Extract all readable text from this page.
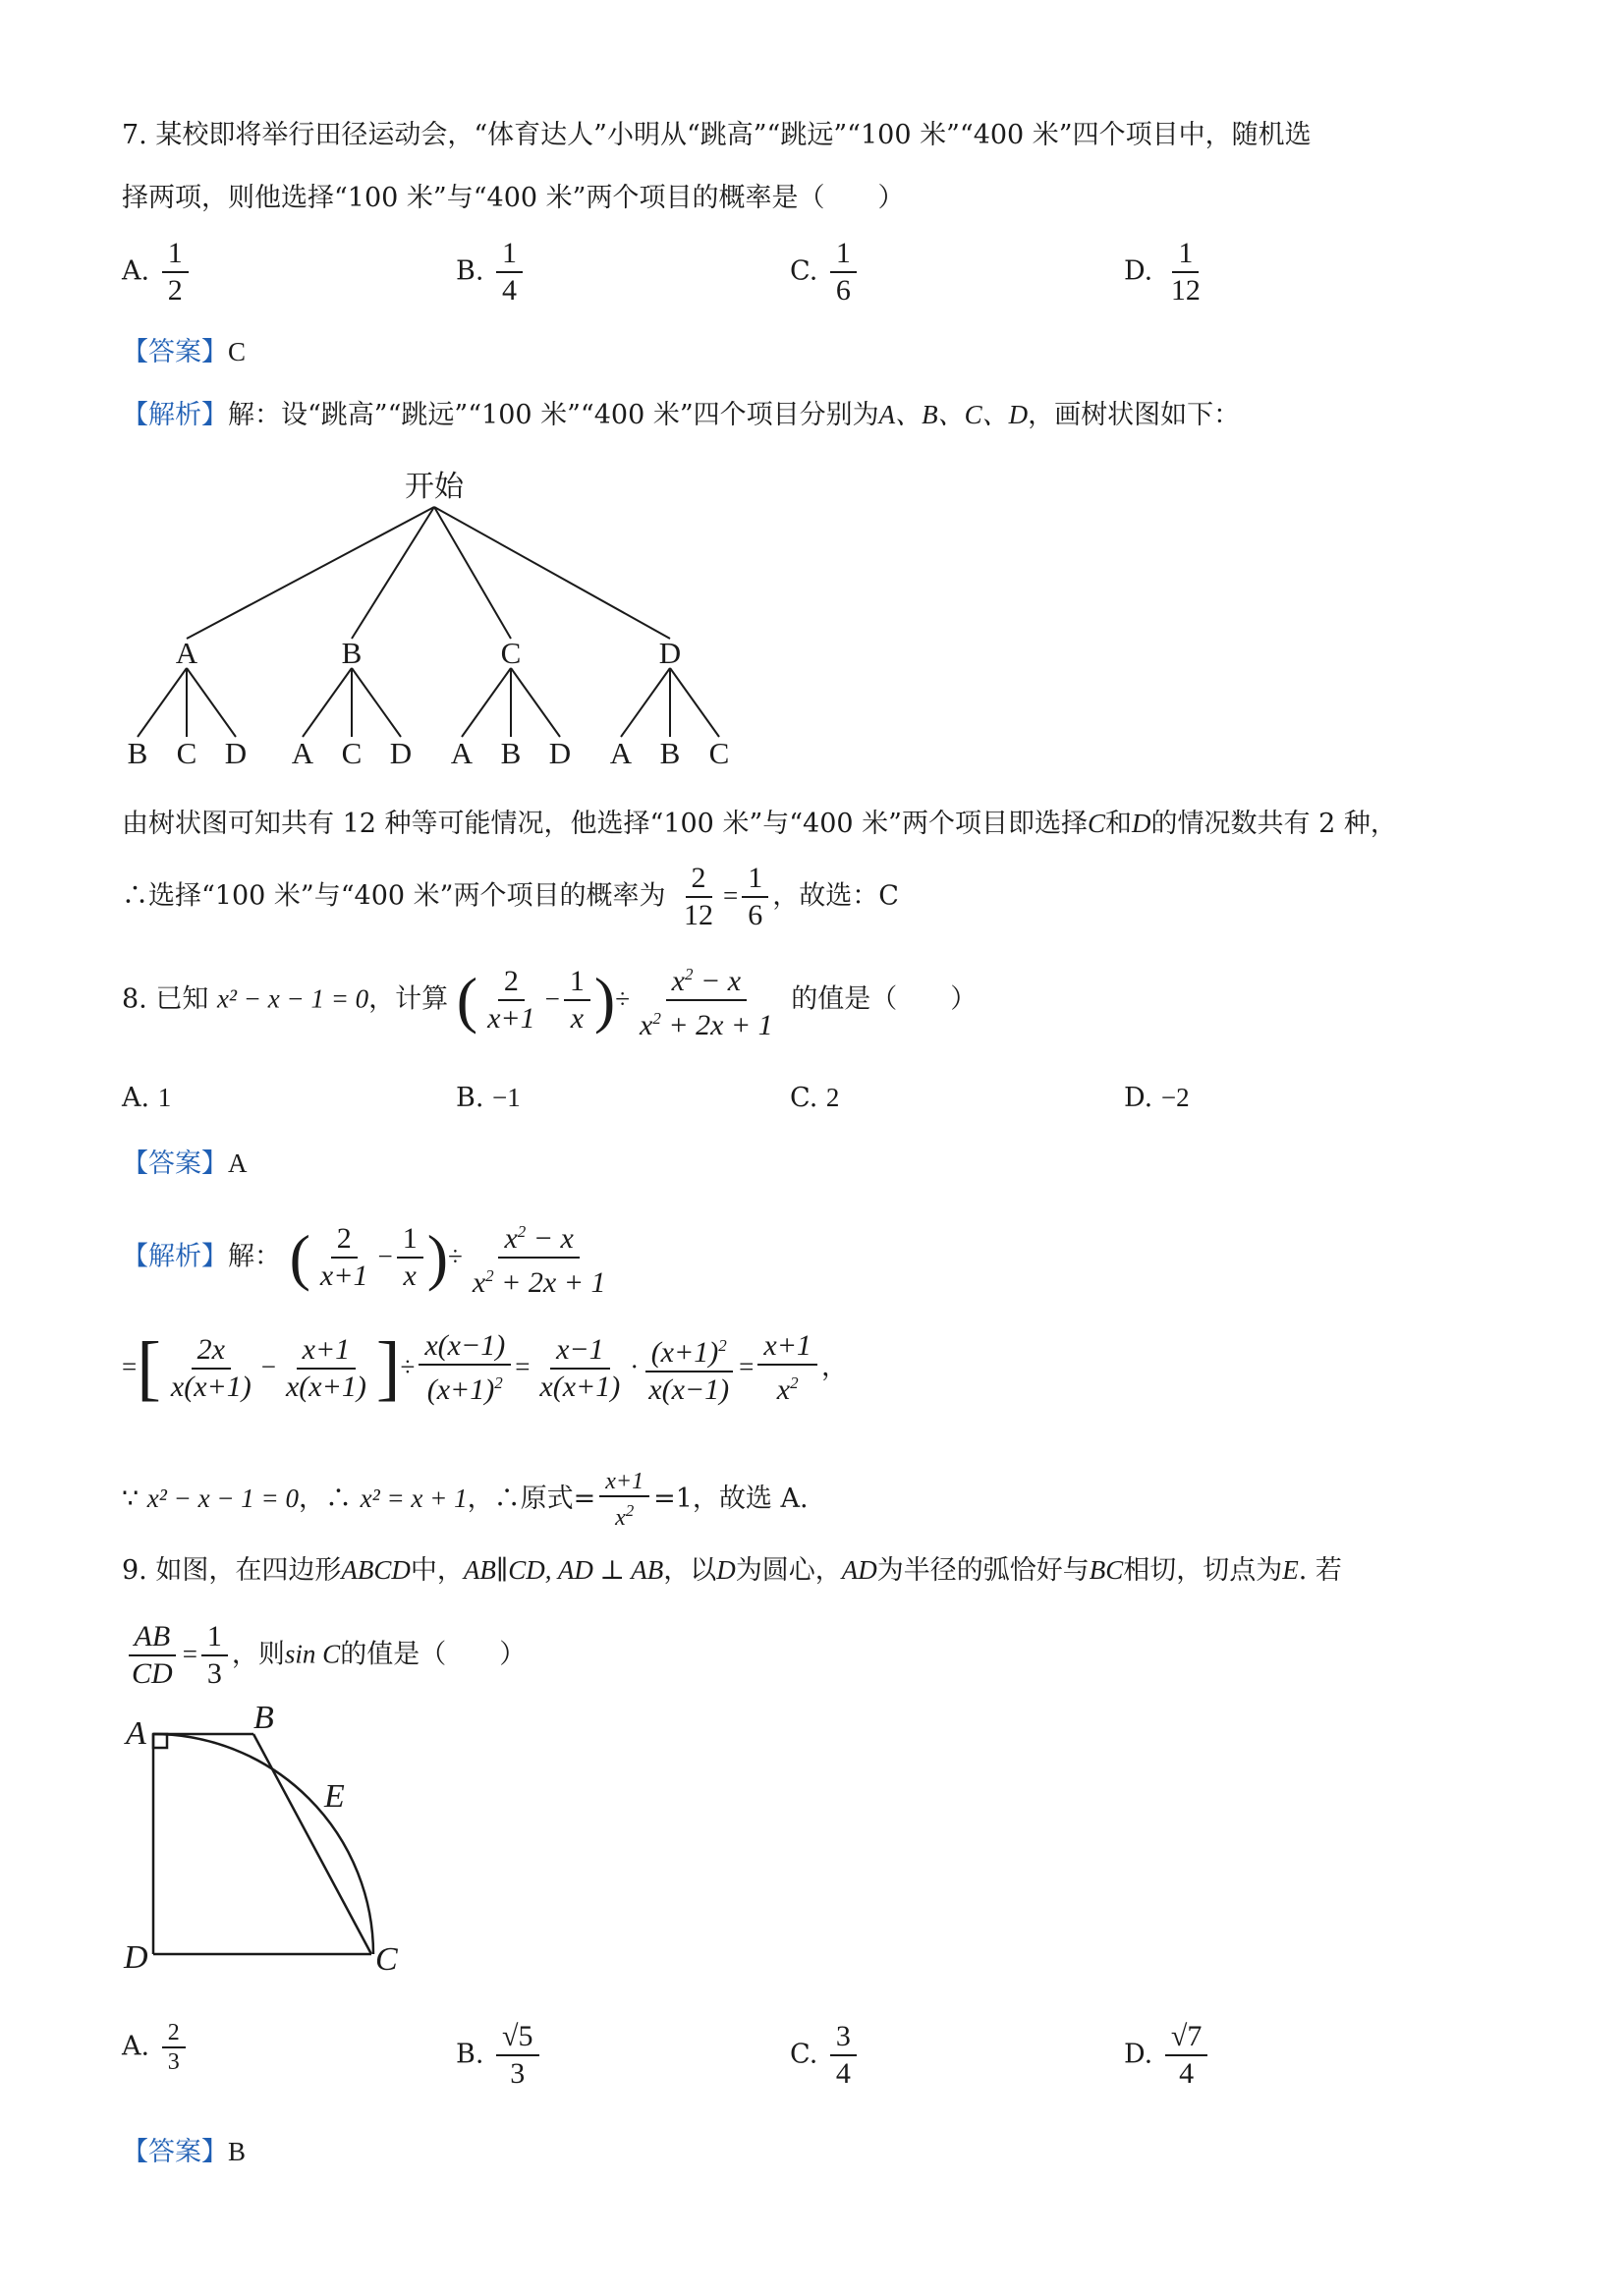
7. 某校即将举行田径运动会，“体育达人”小明从“跳高”“跳远”“100 米”“400 米”四个项目中，随机选
择两项，则他选择“100 米”与“400 米”两个项目的概率是（　　）
A. $\frac{1}{2}$	B. $\frac{1}{4}$	C. $\frac{1}{6}$	D. $\frac{1}{12}$
【答案】C
【解析】解：设“跳高”“跳远”“100 米”“400 米”四个项目分别为A、B、C、D，画树状图如下：
开始
A	B	C	D
B C D A C D A B D A B C
由树状图可知共有 12 种等可能情况，他选择“100 米”与“400 米”两个项目即选择C和D的情况数共有 2 种，
∴选择“100 米”与“400 米”两个项目的概率为 $\frac{2}{12} = \frac{1}{6}$ ，故选：C
8. 已知 x² − x − 1 = 0，计算 ( $\frac{2}{x+1} - \frac{1}{x}$ )÷ $\frac{x^2 - x}{x^2 + 2x + 1}$ 的值是（　　）
A. 1	B. −1	C. 2	D. −2
【答案】A
【解析】解： ( $\frac{2}{x+1} - \frac{1}{x}$ )÷ $\frac{x^2 - x}{x^2 + 2x + 1}$
=[ $\frac{2x}{x(x+1)} - \frac{x+1}{x(x+1)}$ ]÷ $\frac{x(x-1)}{(x+1)^2} = \frac{x-1}{x(x+1)} \cdot \frac{(x+1)^2}{x(x-1)} = \frac{x+1}{x^2}$ ，
∵ x² − x − 1 = 0，∴ x² = x + 1，∴原式= $\frac{x+1}{x^2} =1$，故选 A.
9. 如图，在四边形ABCD中，AB∥CD, AD ⊥ AB，以D为圆心，AD为半径的弧恰好与BC相切，切点为E. 若
$\frac{AB}{CD} = \frac{1}{3}$ ，则sin C的值是（　　）
A	B
E
D	C
A. $\frac{2}{3}$	B. $\frac{√5}{3}$	C. $\frac{3}{4}$	D. $\frac{√7}{4}$
【答案】B
